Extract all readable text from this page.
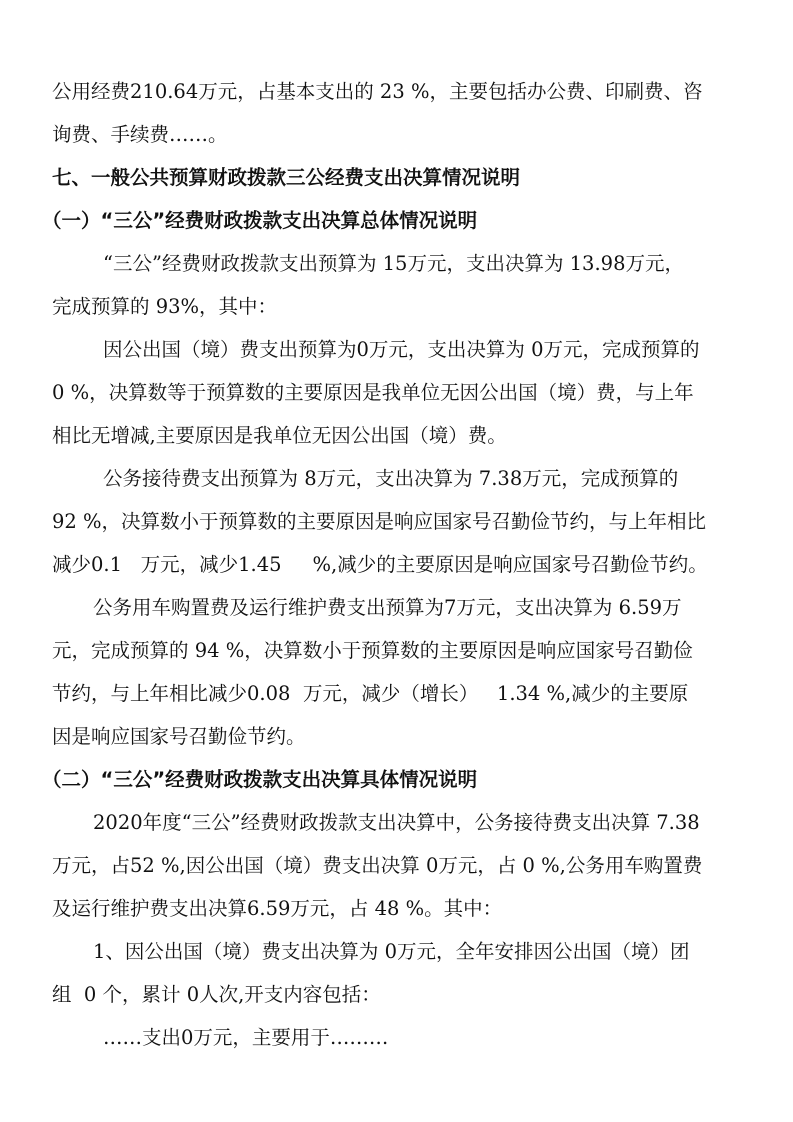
公用经费210.64万元，占基本支出的 23 %，主要包括办公费、印刷费、咨
询费、手续费……。
七、一般公共预算财政拨款三公经费支出决算情况说明
（一）“三公”经费财政拨款支出决算总体情况说明
“三公”经费财政拨款支出预算为 15万元，支出决算为 13.98万元，
完成预算的 93%，其中：
因公出国（境）费支出预算为0万元，支出决算为 0万元，完成预算的
0 %，决算数等于预算数的主要原因是我单位无因公出国（境）费，与上年
相比无增减,主要原因是我单位无因公出国（境）费。
公务接待费支出预算为 8万元，支出决算为 7.38万元，完成预算的
92 %，决算数小于预算数的主要原因是响应国家号召勤俭节约，与上年相比
减少0.1   万元，减少1.45     %,减少的主要原因是响应国家号召勤俭节约。
公务用车购置费及运行维护费支出预算为7万元，支出决算为 6.59万
元，完成预算的 94 %，决算数小于预算数的主要原因是响应国家号召勤俭
节约，与上年相比减少0.08  万元，减少（增长）   1.34 %,减少的主要原
因是响应国家号召勤俭节约。
（二）“三公”经费财政拨款支出决算具体情况说明
2020年度“三公”经费财政拨款支出决算中，公务接待费支出决算 7.38
万元，占52 %,因公出国（境）费支出决算 0万元，占 0 %,公务用车购置费
及运行维护费支出决算6.59万元，占 48 %。其中：
1、因公出国（境）费支出决算为 0万元，全年安排因公出国（境）团
组  0 个，累计 0人次,开支内容包括：
……支出0万元，主要用于………
